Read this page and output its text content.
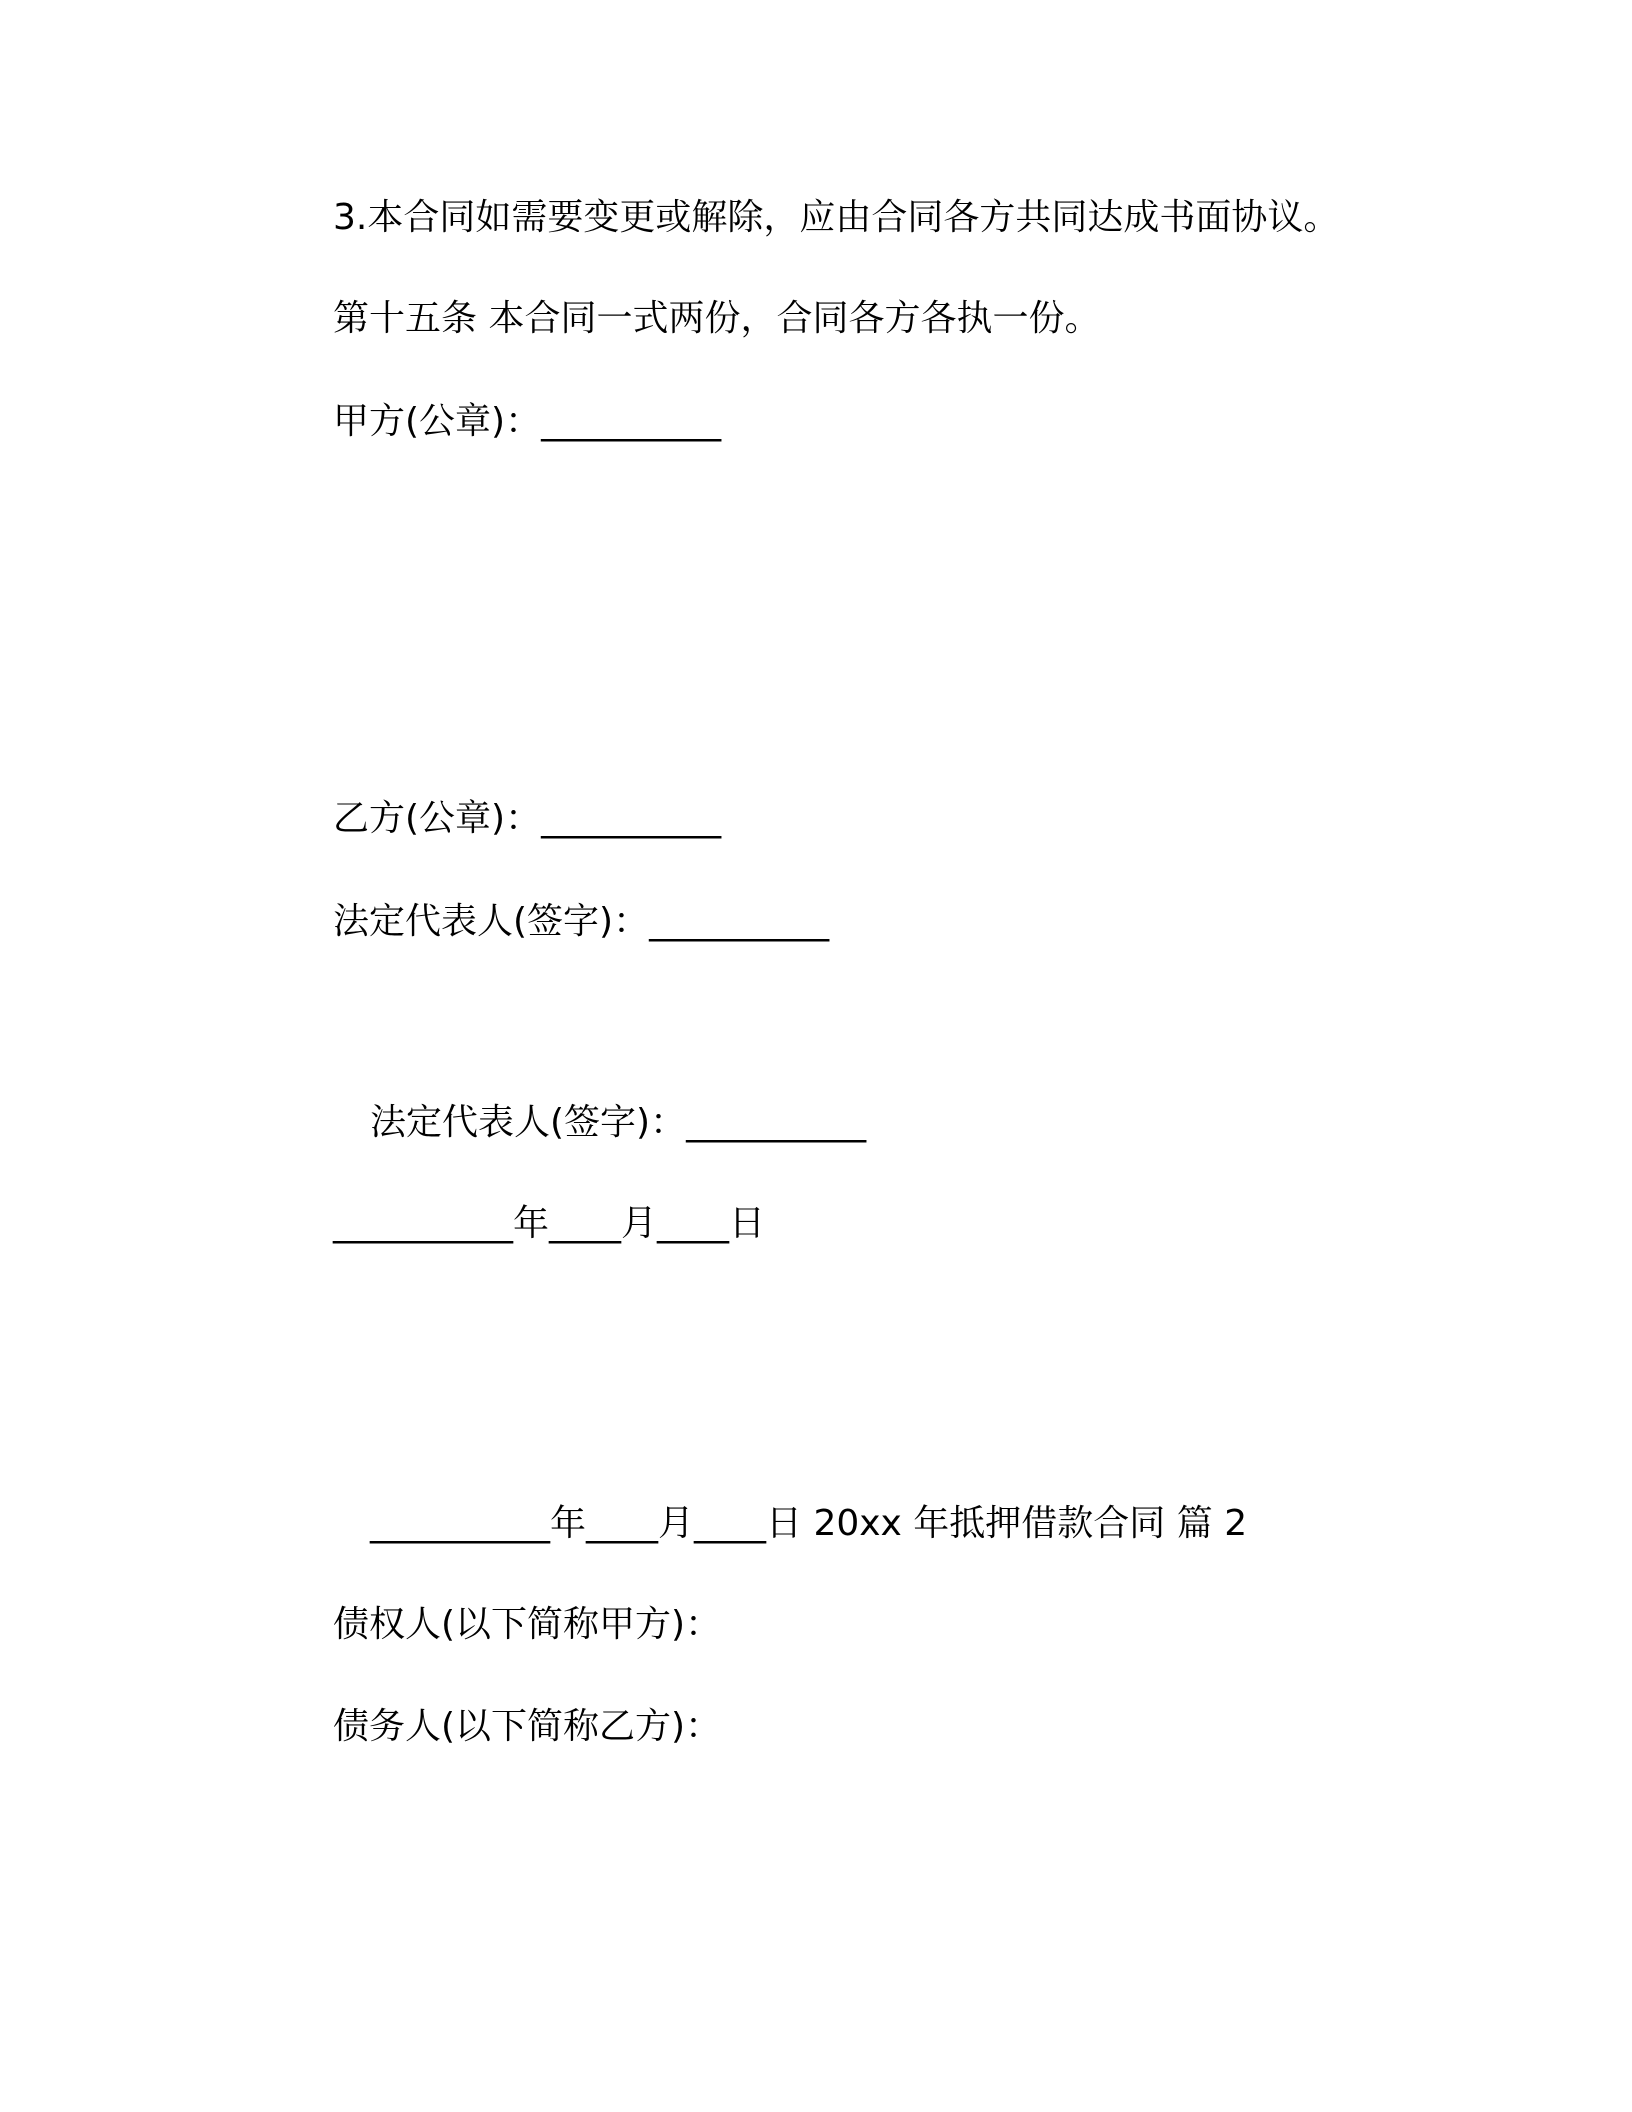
3.本合同如需要变更或解除，应由合同各方共同达成书面协议。
第十五条 本合同一式两份，合同各方各执一份。
甲方(公章)：__________
乙方(公章)：__________
法定代表人(签字)：__________
法定代表人(签字)：__________
__________年____月____日
__________年____月____日 20xx 年抵押借款合同 篇 2
债权人(以下简称甲方)：
债务人(以下简称乙方)：
